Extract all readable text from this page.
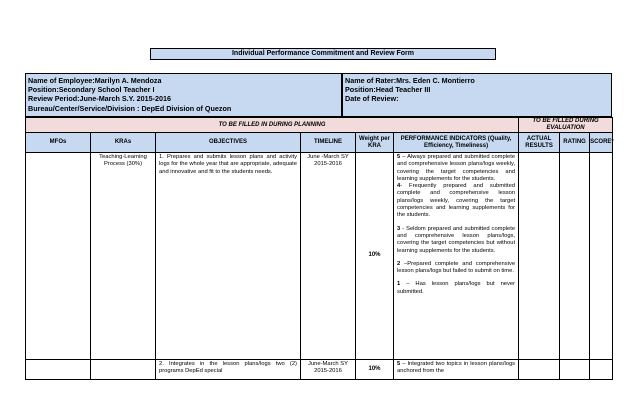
Individual Performance Commitment and Review Form
Name of Employee:Marilyn A. Mendoza
Position:Secondary School Teacher I
Review Period:June-March S.Y. 2015-2016
Bureau/Center/Service/Division : DepEd Division of Quezon
Name of Rater:Mrs. Eden C. Montierro
Position:Head Teacher III
Date of Review:
TO BE FILLED IN DURING PLANNING						TO BE FILLED DURING EVALUATION		
MFOs	KRAs	OBJECTIVES	TIMELINE	Weight per KRA	PERFORMANCE INDICATORS (Quality, Efficiency, Timeliness)	ACTUAL RESULTS	RATING	SCORE*
	Teaching-Learning Process (30%)	1. Prepares and submits lesson plans and activity logs for the whole year that are appropriate, adequate and innovative and fit to the students needs.	June -March SY 2015-2016	10%	5 – Always prepared and submitted complete and comprehensive lesson plans/logs weekly, covering the target competencies and learning supplements for the students.

4- Frequently prepared and submitted complete and comprehensive lesson plans/logs weekly, covering the target competencies and learning supplements for the students.

3 - Seldom prepared and submitted complete and comprehensive lesson plans/logs, covering the target competencies but without learning supplements for the students.

2 –Prepared complete and comprehensive lesson plans/logs but failed to submit on time.

1 – Has lesson plans/logs but never submitted.			

		2. Integrates in the lesson plans/logs two (2) programs DepEd special	June-March SY 2015-2016	10%	5 – Integrated two topics in lesson plans/logs anchored from the			
